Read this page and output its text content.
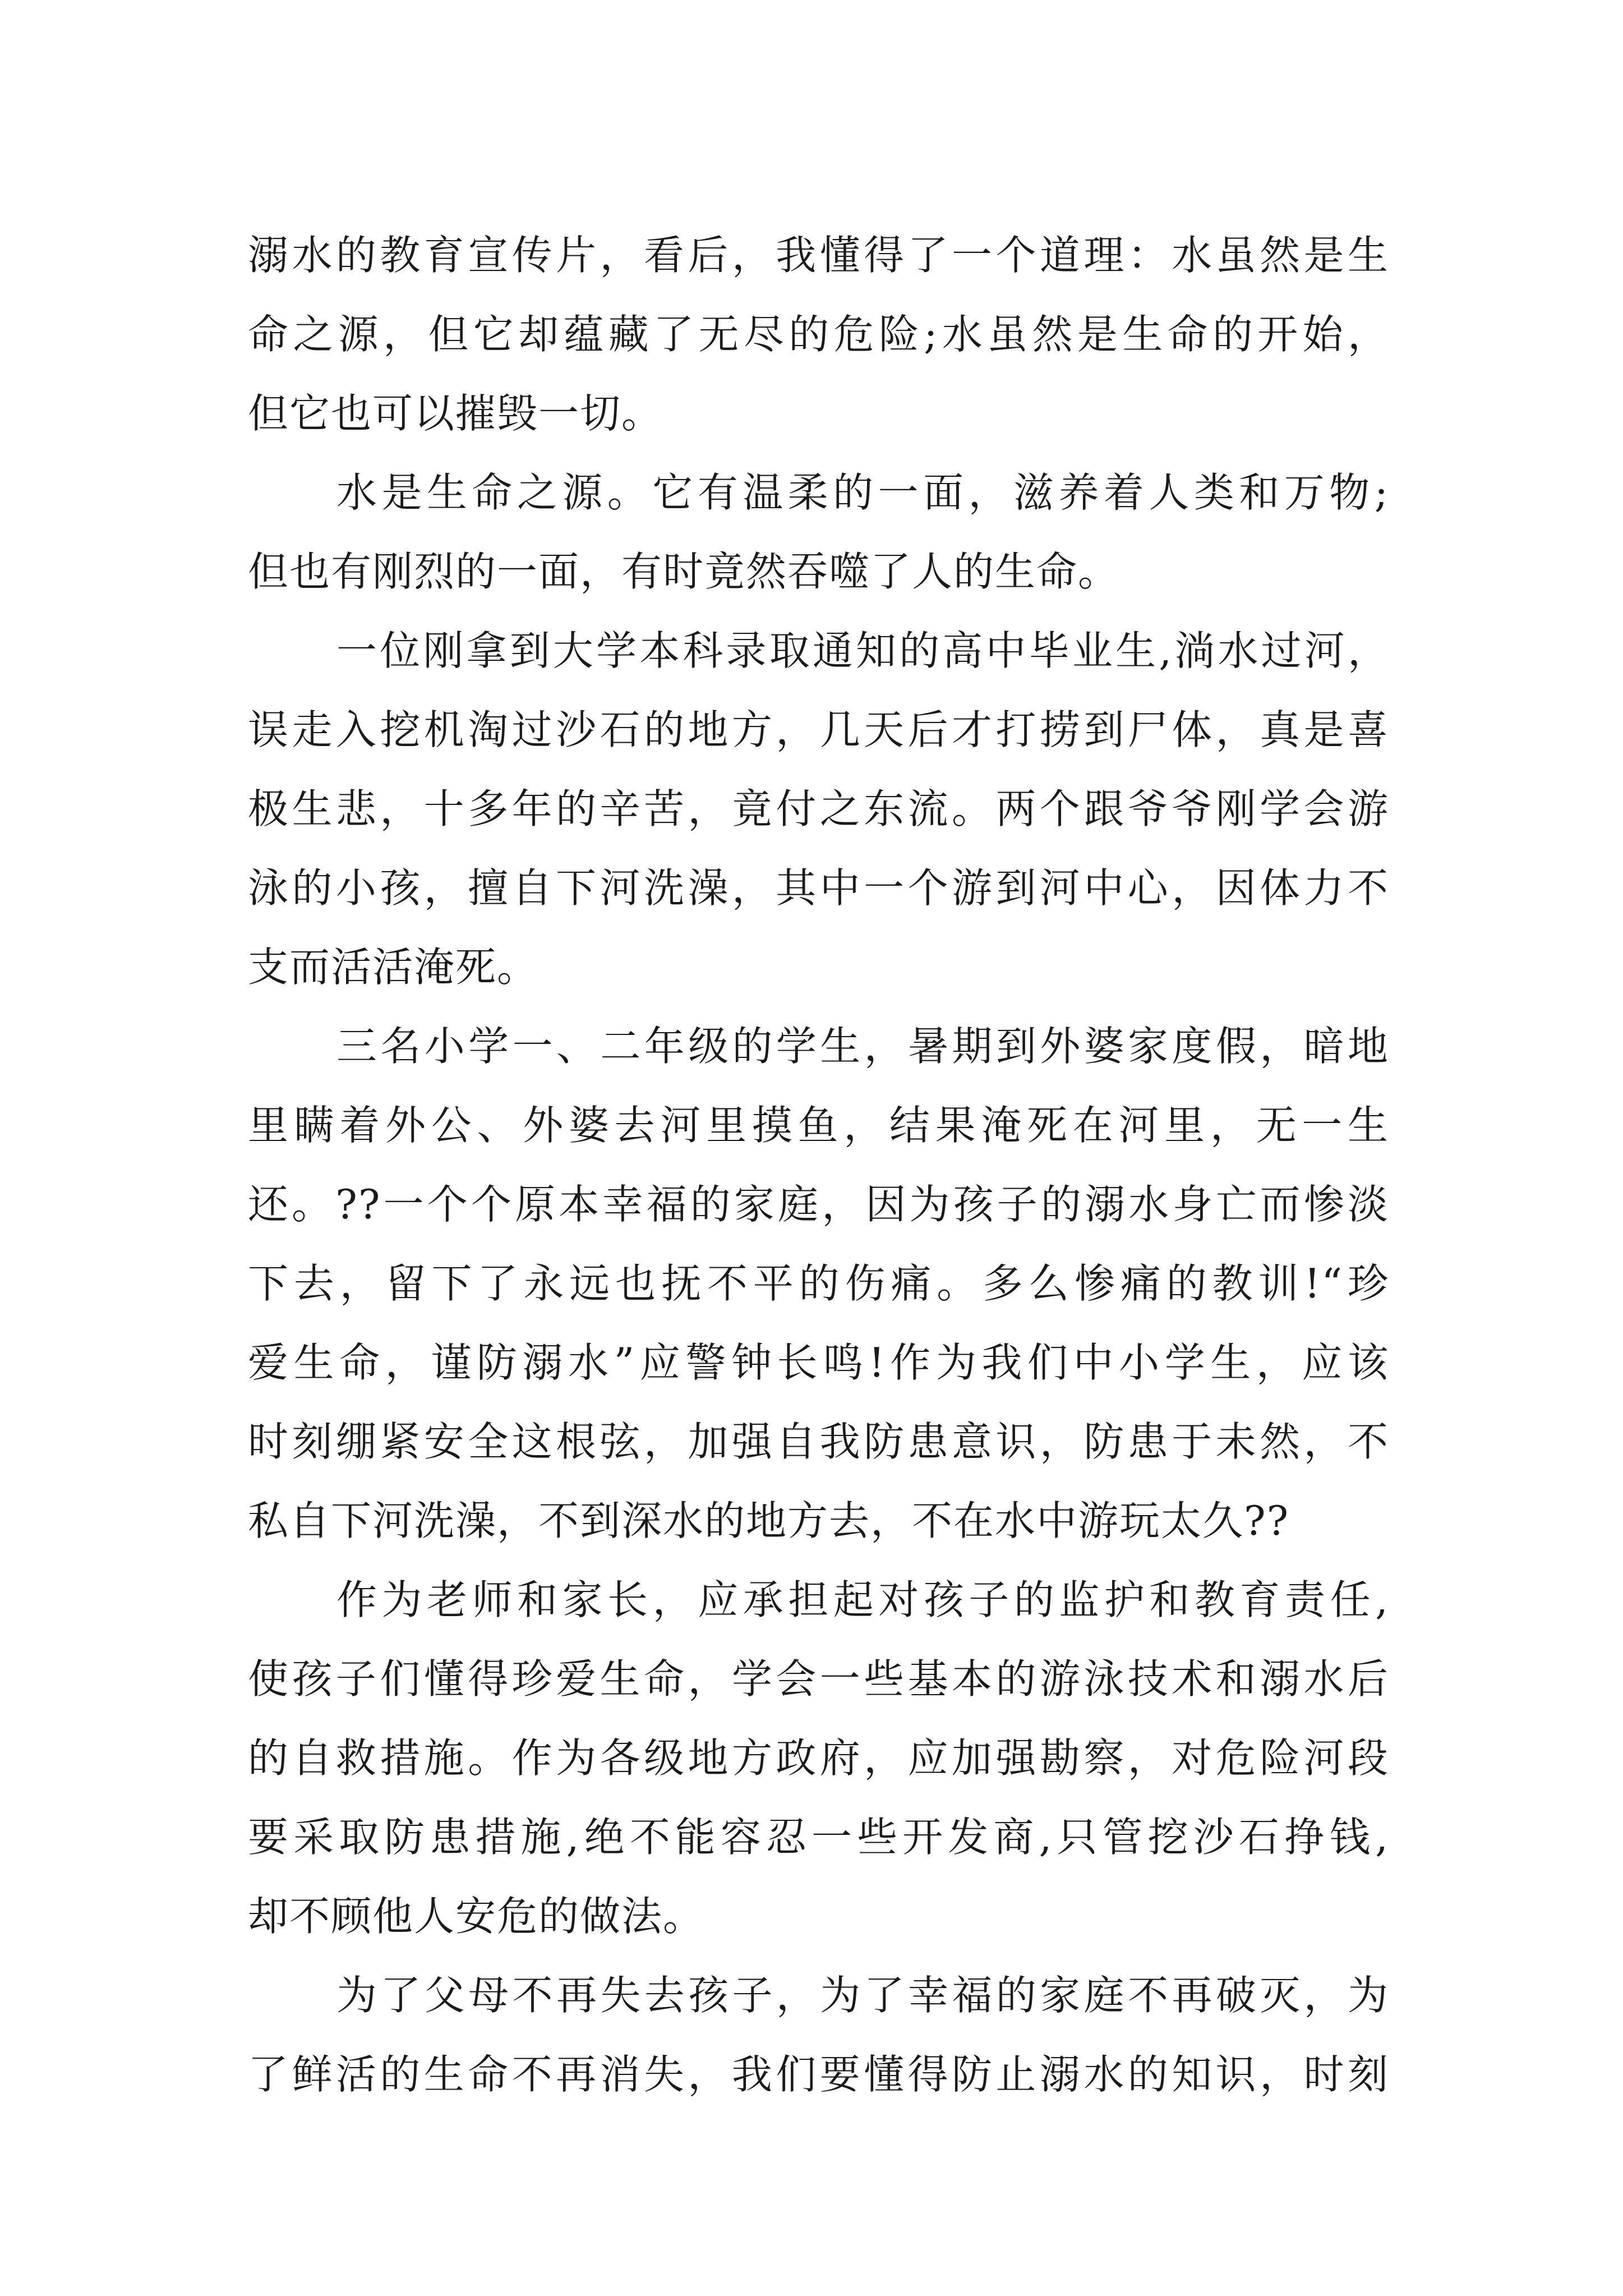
溺水的教育宣传片，看后，我懂得了一个道理：水虽然是生
命之源，但它却蕴藏了无尽的危险;水虽然是生命的开始，
但它也可以摧毁一切。
水是生命之源。它有温柔的一面，滋养着人类和万物;
但也有刚烈的一面，有时竟然吞噬了人的生命。
一位刚拿到大学本科录取通知的高中毕业生,淌水过河，
误走入挖机淘过沙石的地方，几天后才打捞到尸体，真是喜
极生悲，十多年的辛苦，竟付之东流。两个跟爷爷刚学会游
泳的小孩，擅自下河洗澡，其中一个游到河中心，因体力不
支而活活淹死。
三名小学一、二年级的学生，暑期到外婆家度假，暗地
里瞒着外公、外婆去河里摸鱼，结果淹死在河里，无一生
还。??一个个原本幸福的家庭，因为孩子的溺水身亡而惨淡
下去，留下了永远也抚不平的伤痛。多么惨痛的教训!“珍
爱生命，谨防溺水”应警钟长鸣!作为我们中小学生，应该
时刻绷紧安全这根弦，加强自我防患意识，防患于未然，不
私自下河洗澡，不到深水的地方去，不在水中游玩太久??
作为老师和家长，应承担起对孩子的监护和教育责任,
使孩子们懂得珍爱生命，学会一些基本的游泳技术和溺水后
的自救措施。作为各级地方政府，应加强勘察，对危险河段
要采取防患措施,绝不能容忍一些开发商,只管挖沙石挣钱,
却不顾他人安危的做法。
为了父母不再失去孩子，为了幸福的家庭不再破灭，为
了鲜活的生命不再消失，我们要懂得防止溺水的知识，时刻
